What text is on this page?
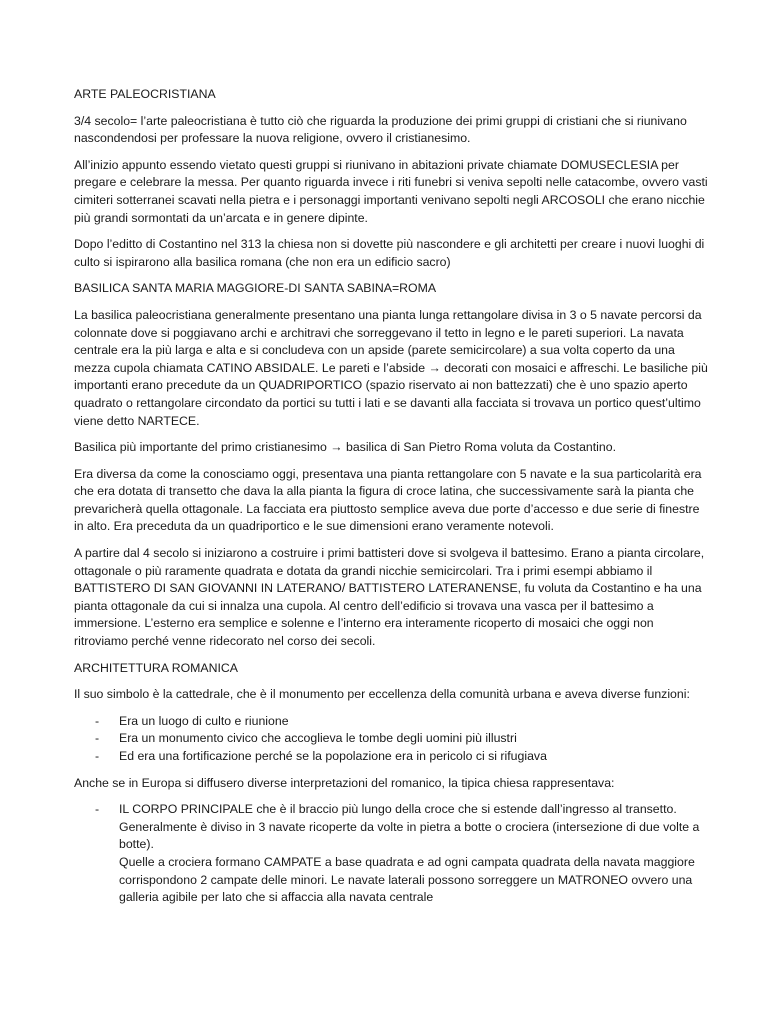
ARTE PALEOCRISTIANA

3/4 secolo= l’arte paleocristiana è tutto ciò che riguarda la produzione dei primi gruppi di cristiani che si riunivano nascondendosi per professare la nuova religione, ovvero il cristianesimo.

All’inizio appunto essendo vietato questi gruppi si riunivano in abitazioni private chiamate DOMUSECLESIA per pregare e celebrare la messa. Per quanto riguarda invece i riti funebri si veniva sepolti nelle catacombe, ovvero vasti cimiteri sotterranei scavati nella pietra e i personaggi importanti venivano sepolti negli ARCOSOLI che erano nicchie più grandi sormontati da un’arcata e in genere dipinte.

Dopo l’editto di Costantino nel 313 la chiesa non si dovette più nascondere e gli architetti per creare i nuovi luoghi di culto si ispirarono alla basilica romana (che non era un edificio sacro)

BASILICA SANTA MARIA MAGGIORE-DI SANTA SABINA=ROMA

La basilica paleocristiana generalmente presentano una pianta lunga rettangolare divisa in 3 o 5 navate percorsi da colonnate dove si poggiavano archi e architravi che sorreggevano il tetto in legno e le pareti superiori. La navata centrale era la più larga e alta e si concludeva con un apside (parete semicircolare) a sua volta coperto da una mezza cupola chiamata CATINO ABSIDALE. Le pareti e l’abside → decorati con mosaici e affreschi. Le basiliche più importanti erano precedute da un QUADRIPORTICO (spazio riservato ai non battezzati) che è uno spazio aperto quadrato o rettangolare circondato da portici su tutti i lati e se davanti alla facciata si trovava un portico quest’ultimo viene detto NARTECE.

Basilica più importante del primo cristianesimo → basilica di San Pietro Roma voluta da Costantino.

Era diversa da come la conosciamo oggi, presentava una pianta rettangolare con 5 navate e la sua particolarità era che era dotata di transetto che dava la alla pianta la figura di croce latina, che successivamente sarà la pianta che prevaricherà quella ottagonale. La facciata era piuttosto semplice aveva due porte d’accesso e due serie di finestre in alto. Era preceduta da un quadriportico e le sue dimensioni erano veramente notevoli.

A partire dal 4 secolo si iniziarono a costruire i primi battisteri dove si svolgeva il battesimo. Erano a pianta circolare, ottagonale o più raramente quadrata e dotata da grandi nicchie semicircolari. Tra i primi esempi abbiamo il BATTISTERO DI SAN GIOVANNI IN LATERANO/ BATTISTERO LATERANENSE, fu voluta da Costantino e ha una pianta ottagonale da cui si innalza una cupola. Al centro dell’edificio si trovava una vasca per il battesimo a immersione. L’esterno era semplice e solenne e l’interno era interamente ricoperto di mosaici che oggi non ritroviamo perché venne ridecorato nel corso dei secoli.

ARCHITETTURA ROMANICA

Il suo simbolo è la cattedrale, che è il monumento per eccellenza della comunità urbana e aveva diverse funzioni:

- Era un luogo di culto e riunione
- Era un monumento civico che accoglieva le tombe degli uomini più illustri
- Ed era una fortificazione perché se la popolazione era in pericolo ci si rifugiava

Anche se in Europa si diffusero diverse interpretazioni del romanico, la tipica chiesa rappresentava:

- IL CORPO PRINCIPALE che è il braccio più lungo della croce che si estende dall’ingresso al transetto. Generalmente è diviso in 3 navate ricoperte da volte in pietra a botte o crociera (intersezione di due volte a botte).
Quelle a crociera formano CAMPATE a base quadrata e ad ogni campata quadrata della navata maggiore corrispondono 2 campate delle minori. Le navate laterali possono sorreggere un MATRONEO ovvero una galleria agibile per lato che si affaccia alla navata centrale
